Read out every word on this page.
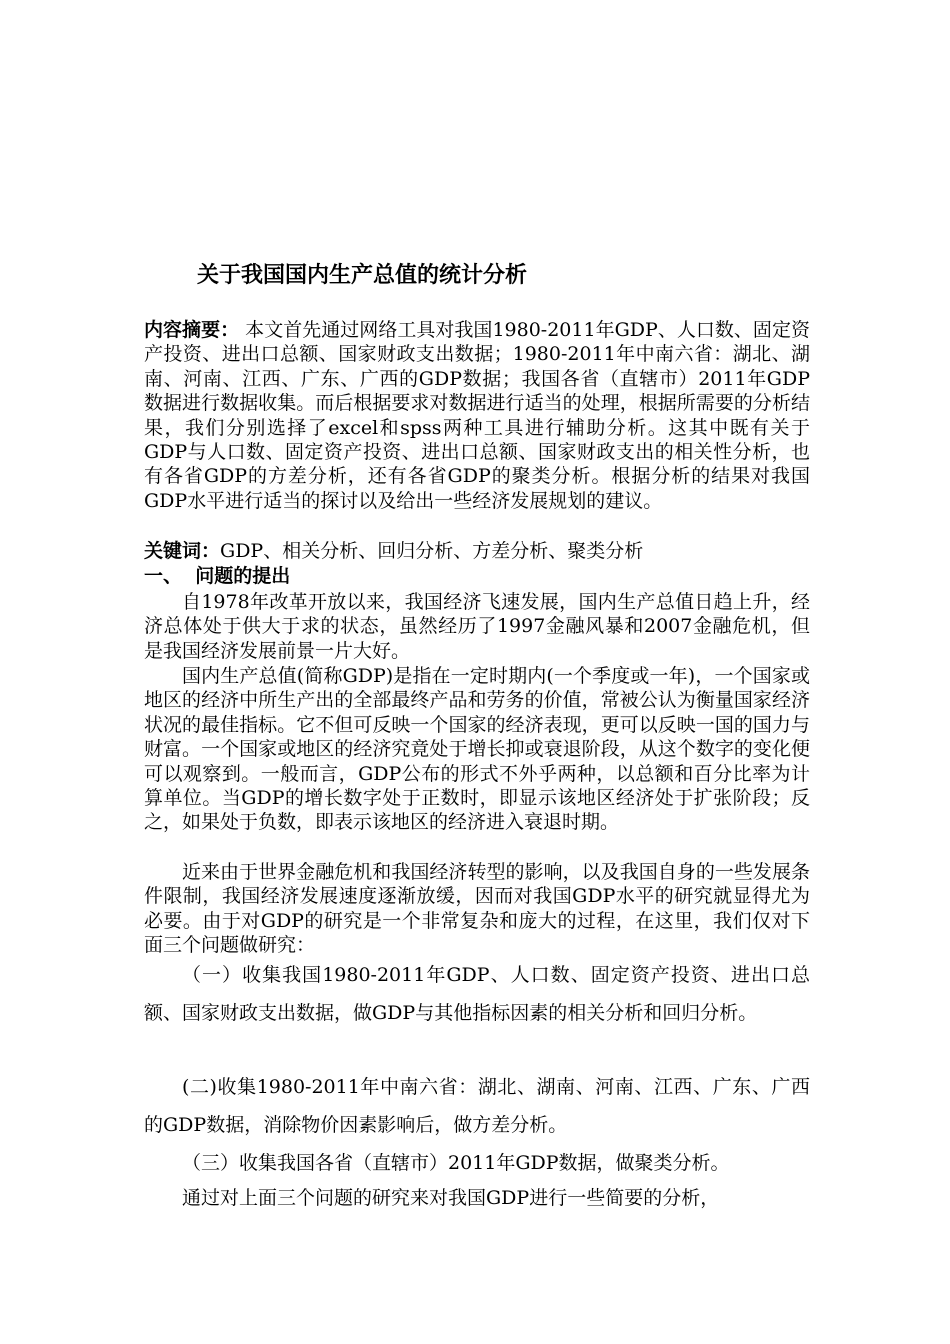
关于我国国内生产总值的统计分析
内容摘要： 本文首先通过网络工具对我国1980-2011年GDP、人口数、固定资产投资、进出口总额、国家财政支出数据；1980-2011年中南六省：湖北、湖南、河南、江西、广东、广西的GDP数据；我国各省（直辖市）2011年GDP数据进行数据收集。而后根据要求对数据进行适当的处理，根据所需要的分析结果，我们分别选择了excel和spss两种工具进行辅助分析。这其中既有关于GDP与人口数、固定资产投资、进出口总额、国家财政支出的相关性分析，也有各省GDP的方差分析，还有各省GDP的聚类分析。根据分析的结果对我国GDP水平进行适当的探讨以及给出一些经济发展规划的建议。
关键词：GDP、相关分析、回归分析、方差分析、聚类分析
一、  问题的提出
自1978年改革开放以来，我国经济飞速发展，国内生产总值日趋上升，经济总体处于供大于求的状态，虽然经历了1997金融风暴和2007金融危机，但是我国经济发展前景一片大好。
国内生产总值(简称GDP)是指在一定时期内(一个季度或一年)，一个国家或地区的经济中所生产出的全部最终产品和劳务的价值，常被公认为衡量国家经济状况的最佳指标。它不但可反映一个国家的经济表现，更可以反映一国的国力与财富。一个国家或地区的经济究竟处于增长抑或衰退阶段，从这个数字的变化便可以观察到。一般而言，GDP公布的形式不外乎两种，以总额和百分比率为计算单位。当GDP的增长数字处于正数时，即显示该地区经济处于扩张阶段；反之，如果处于负数，即表示该地区的经济进入衰退时期。
近来由于世界金融危机和我国经济转型的影响，以及我国自身的一些发展条件限制，我国经济发展速度逐渐放缓，因而对我国GDP水平的研究就显得尤为必要。由于对GDP的研究是一个非常复杂和庞大的过程，在这里，我们仅对下面三个问题做研究：
（一）收集我国1980-2011年GDP、人口数、固定资产投资、进出口总额、国家财政支出数据，做GDP与其他指标因素的相关分析和回归分析。
(二)收集1980-2011年中南六省：湖北、湖南、河南、江西、广东、广西的GDP数据，消除物价因素影响后，做方差分析。
（三）收集我国各省（直辖市）2011年GDP数据，做聚类分析。
通过对上面三个问题的研究来对我国GDP进行一些简要的分析，
